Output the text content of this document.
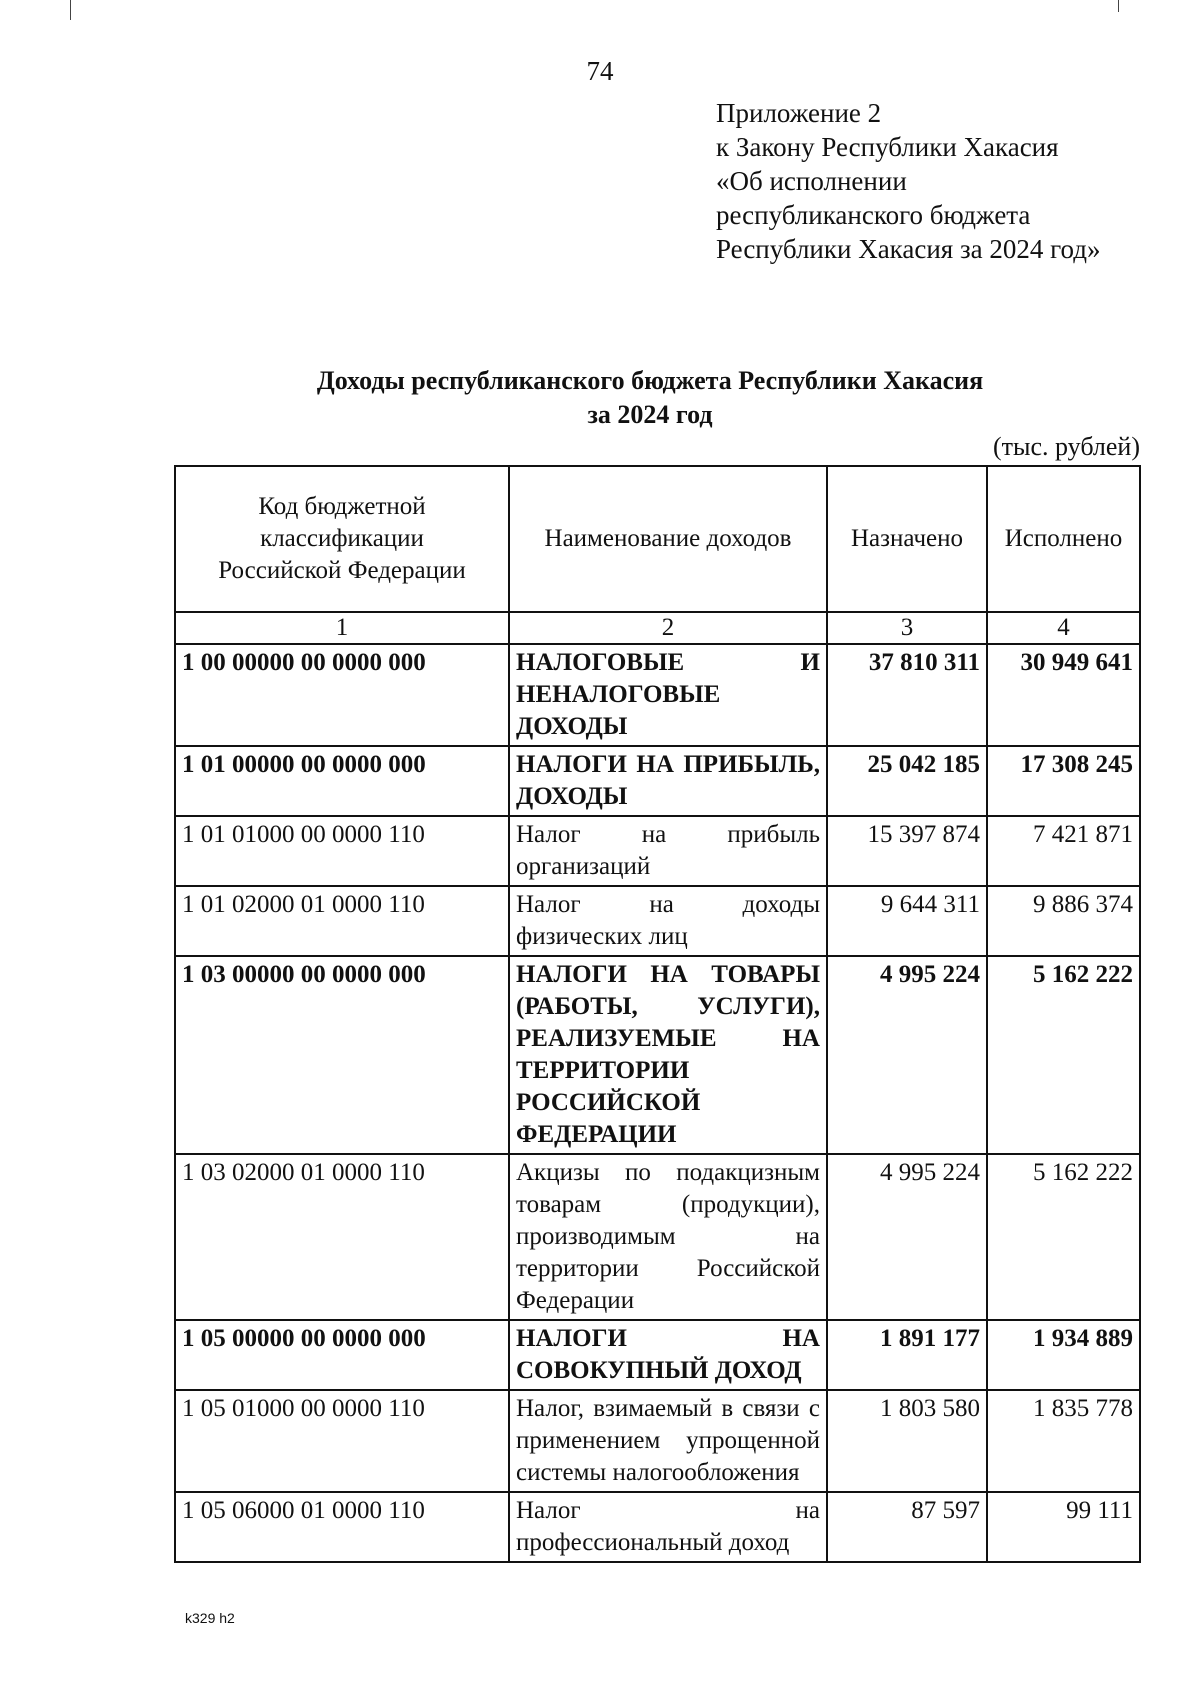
74
Приложение 2
к Закону Республики Хакасия
«Об исполнении
республиканского бюджета
Республики Хакасия за 2024 год»
Доходы республиканского бюджета Республики Хакасия
за 2024 год
(тыс. рублей)
Код бюджетной классификации Российской Федерации	Наименование доходов	Назначено	Исполнено
1	2	3	4
1 00 00000 00 0000 000	НАЛОГОВЫЕ И НЕНАЛОГОВЫЕ ДОХОДЫ	37 810 311	30 949 641
1 01 00000 00 0000 000	НАЛОГИ НА ПРИБЫЛЬ, ДОХОДЫ	25 042 185	17 308 245
1 01 01000 00 0000 110	Налог на прибыль организаций	15 397 874	7 421 871
1 01 02000 01 0000 110	Налог на доходы физических лиц	9 644 311	9 886 374
1 03 00000 00 0000 000	НАЛОГИ НА ТОВАРЫ (РАБОТЫ, УСЛУГИ), РЕАЛИЗУЕМЫЕ НА ТЕРРИТОРИИ РОССИЙСКОЙ ФЕДЕРАЦИИ	4 995 224	5 162 222
1 03 02000 01 0000 110	Акцизы по подакцизным товарам (продукции), производимым на территории Российской Федерации	4 995 224	5 162 222
1 05 00000 00 0000 000	НАЛОГИ НА СОВОКУПНЫЙ ДОХОД	1 891 177	1 934 889
1 05 01000 00 0000 110	Налог, взимаемый в связи с применением упрощенной системы налогообложения	1 803 580	1 835 778
1 05 06000 01 0000 110	Налог на профессиональный доход	87 597	99 111
k329 h2
